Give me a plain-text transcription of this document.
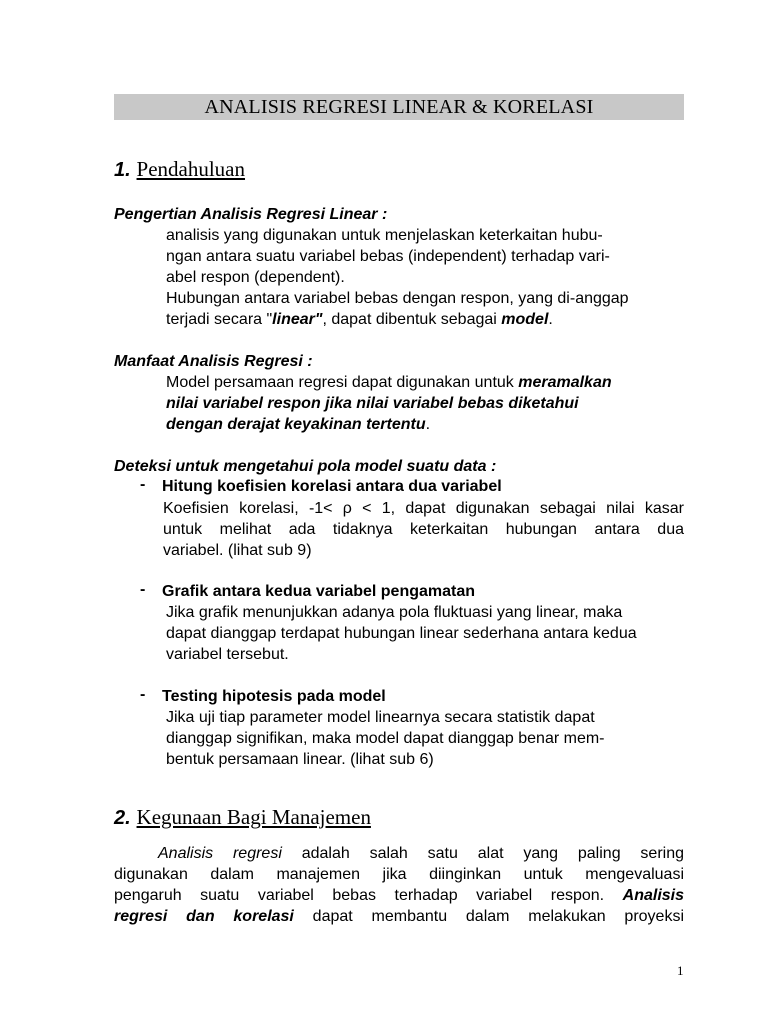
ANALISIS REGRESI LINEAR & KORELASI
1. Pendahuluan
Pengertian Analisis Regresi Linear :
analisis yang digunakan untuk menjelaskan keterkaitan hubu-
ngan antara suatu variabel bebas (independent) terhadap vari-
abel respon (dependent).
Hubungan antara variabel bebas dengan respon, yang di-anggap
terjadi secara "linear", dapat dibentuk sebagai model.
Manfaat Analisis Regresi :
Model persamaan regresi dapat digunakan untuk meramalkan
nilai variabel respon jika nilai variabel bebas diketahui
dengan derajat keyakinan tertentu.
Deteksi untuk mengetahui pola model suatu data :
- Hitung koefisien korelasi antara dua variabel
Koefisien korelasi, -1< ρ < 1, dapat digunakan sebagai nilai kasar
untuk melihat ada tidaknya keterkaitan hubungan antara dua
variabel. (lihat sub 9)
- Grafik antara kedua variabel pengamatan
Jika grafik menunjukkan adanya pola fluktuasi yang linear, maka
dapat dianggap terdapat hubungan linear sederhana antara kedua
variabel tersebut.
- Testing hipotesis pada model
Jika uji tiap parameter model linearnya secara statistik dapat
dianggap signifikan, maka model dapat dianggap benar mem-
bentuk persamaan linear. (lihat sub 6)
2. Kegunaan Bagi Manajemen
Analisis regresi adalah salah satu alat yang paling sering
digunakan dalam manajemen jika diinginkan untuk mengevaluasi
pengaruh suatu variabel bebas terhadap variabel respon. Analisis
regresi dan korelasi dapat membantu dalam melakukan proyeksi
1
